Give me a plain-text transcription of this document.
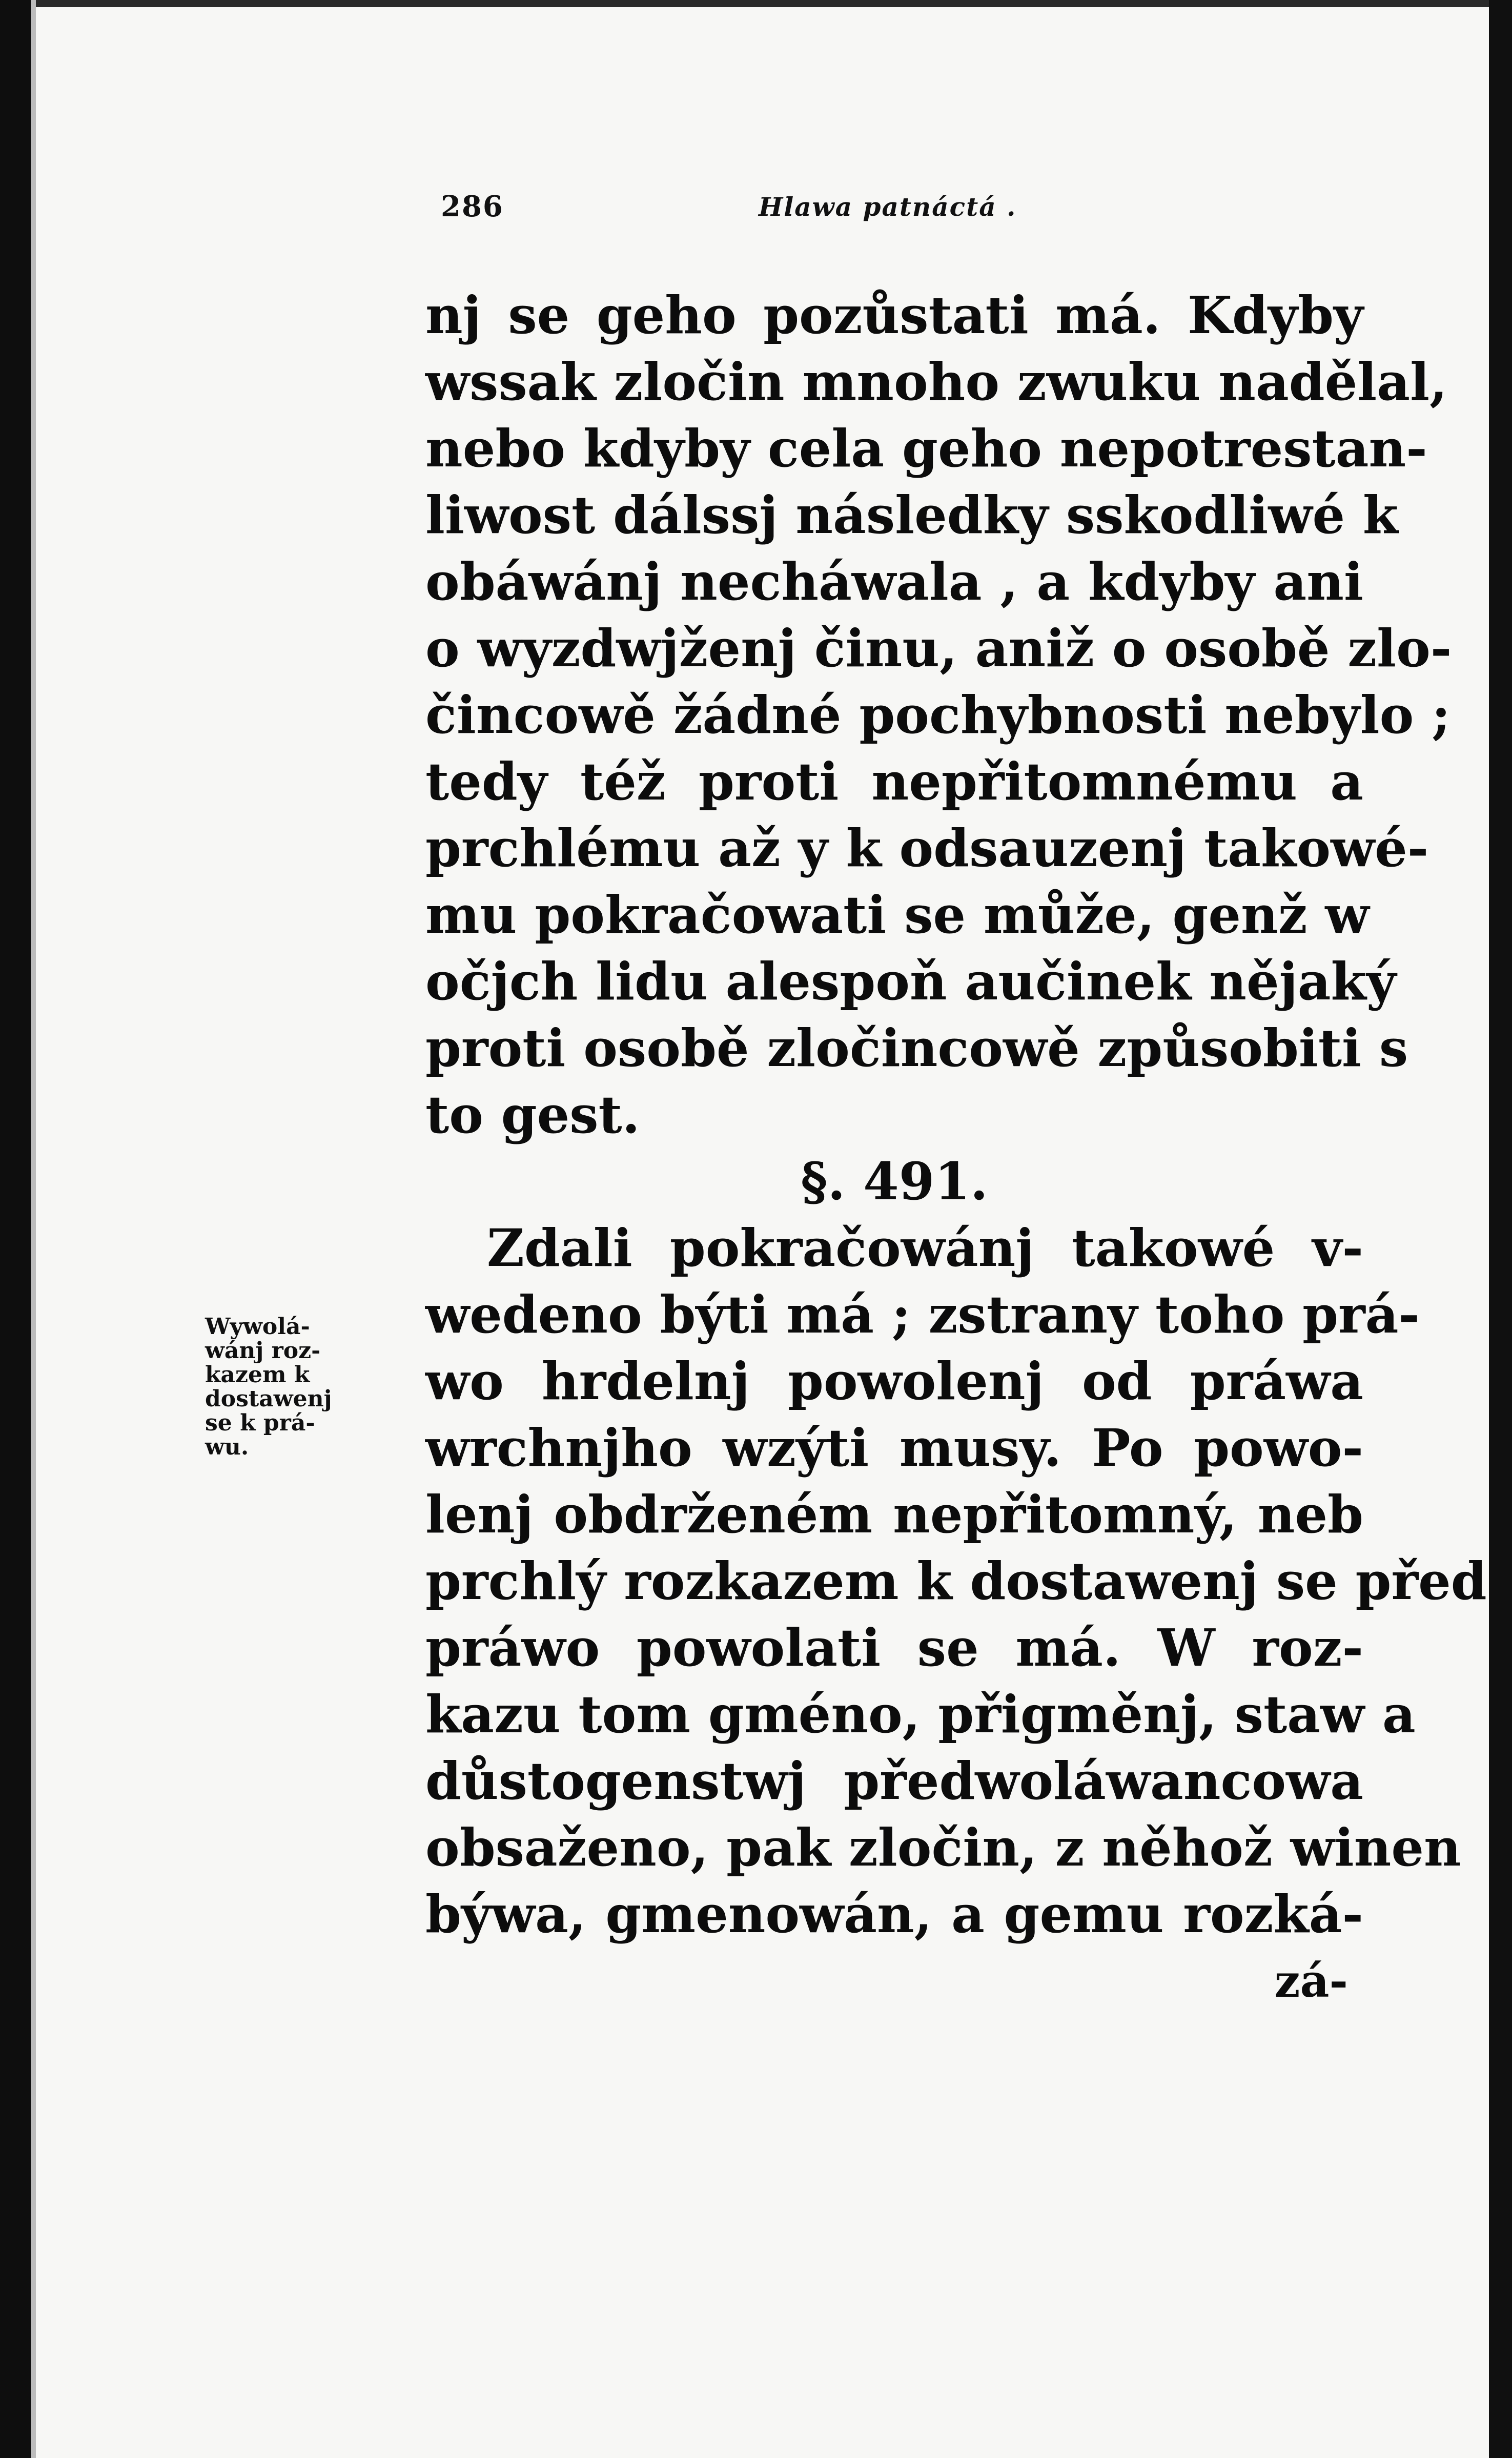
286	Hlawa patnáctá .
Wywolá-
wánj roz-
kazem k
dostawenj
se k prá-
wu.
nj se geho pozůstati má. Kdyby
wssak zločin mnoho zwuku nadělal,
nebo kdyby cela geho nepotrestan-
liwost dálssj následky sskodliwé k
obáwánj necháwala , a kdyby ani
o wyzdwjženj činu, aniž o osobě zlo-
čincowě žádné pochybnosti nebylo ;
tedy též proti nepřitomnému a
prchlému až y k odsauzenj takowé-
mu pokračowati se může, genž w
očjch lidu alespoň aučinek nějaký
proti osobě zločincowě způsobiti s
to gest.
§. 491.
Zdali pokračowánj takowé v-
wedeno býti má ; zstrany toho prá-
wo hrdelnj powolenj od práwa
wrchnjho wzýti musy. Po powo-
lenj obdrženém nepřitomný, neb
prchlý rozkazem k dostawenj se před
práwo powolati se má. W roz-
kazu tom gméno, přigměnj, staw a
důstogenstwj předwoláwancowa
obsaženo, pak zločin, z něhož winen
býwa, gmenowán, a gemu rozká-
zá-
